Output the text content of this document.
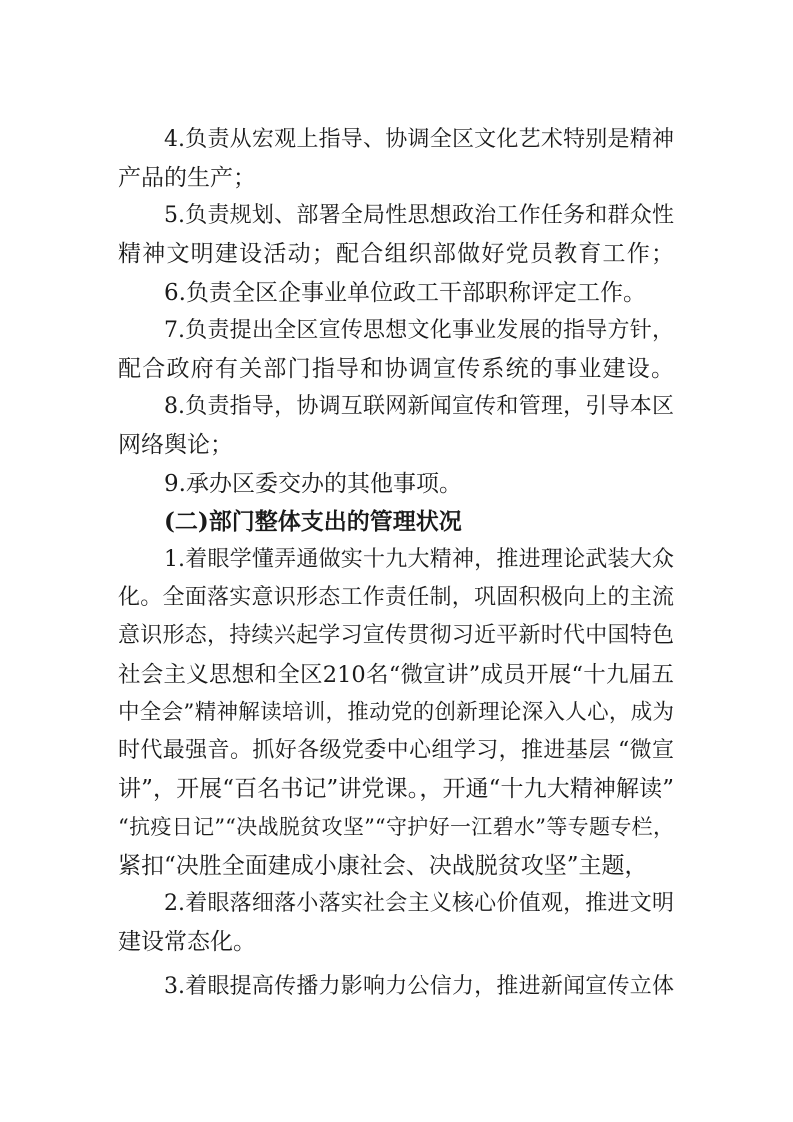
4.负责从宏观上指导、协调全区文化艺术特别是精神
产品的生产；
5.负责规划、部署全局性思想政治工作任务和群众性
精神文明建设活动；配合组织部做好党员教育工作；
6.负责全区企事业单位政工干部职称评定工作。
7.负责提出全区宣传思想文化事业发展的指导方针，
配合政府有关部门指导和协调宣传系统的事业建设。
8.负责指导，协调互联网新闻宣传和管理，引导本区
网络舆论；
9.承办区委交办的其他事项。
(二)部门整体支出的管理状况
1.着眼学懂弄通做实十九大精神，推进理论武装大众
化。全面落实意识形态工作责任制，巩固积极向上的主流
意识形态，持续兴起学习宣传贯彻习近平新时代中国特色
社会主义思想和全区210名“微宣讲”成员开展“十九届五
中全会”精神解读培训，推动党的创新理论深入人心，成为
时代最强音。抓好各级党委中心组学习，推进基层 “微宣
讲”，开展“百名书记”讲党课。，开通“十九大精神解读”
“抗疫日记”“决战脱贫攻坚”“守护好一江碧水”等专题专栏，
紧扣“决胜全面建成小康社会、决战脱贫攻坚”主题，
2.着眼落细落小落实社会主义核心价值观，推进文明
建设常态化。
3.着眼提高传播力影响力公信力，推进新闻宣传立体
